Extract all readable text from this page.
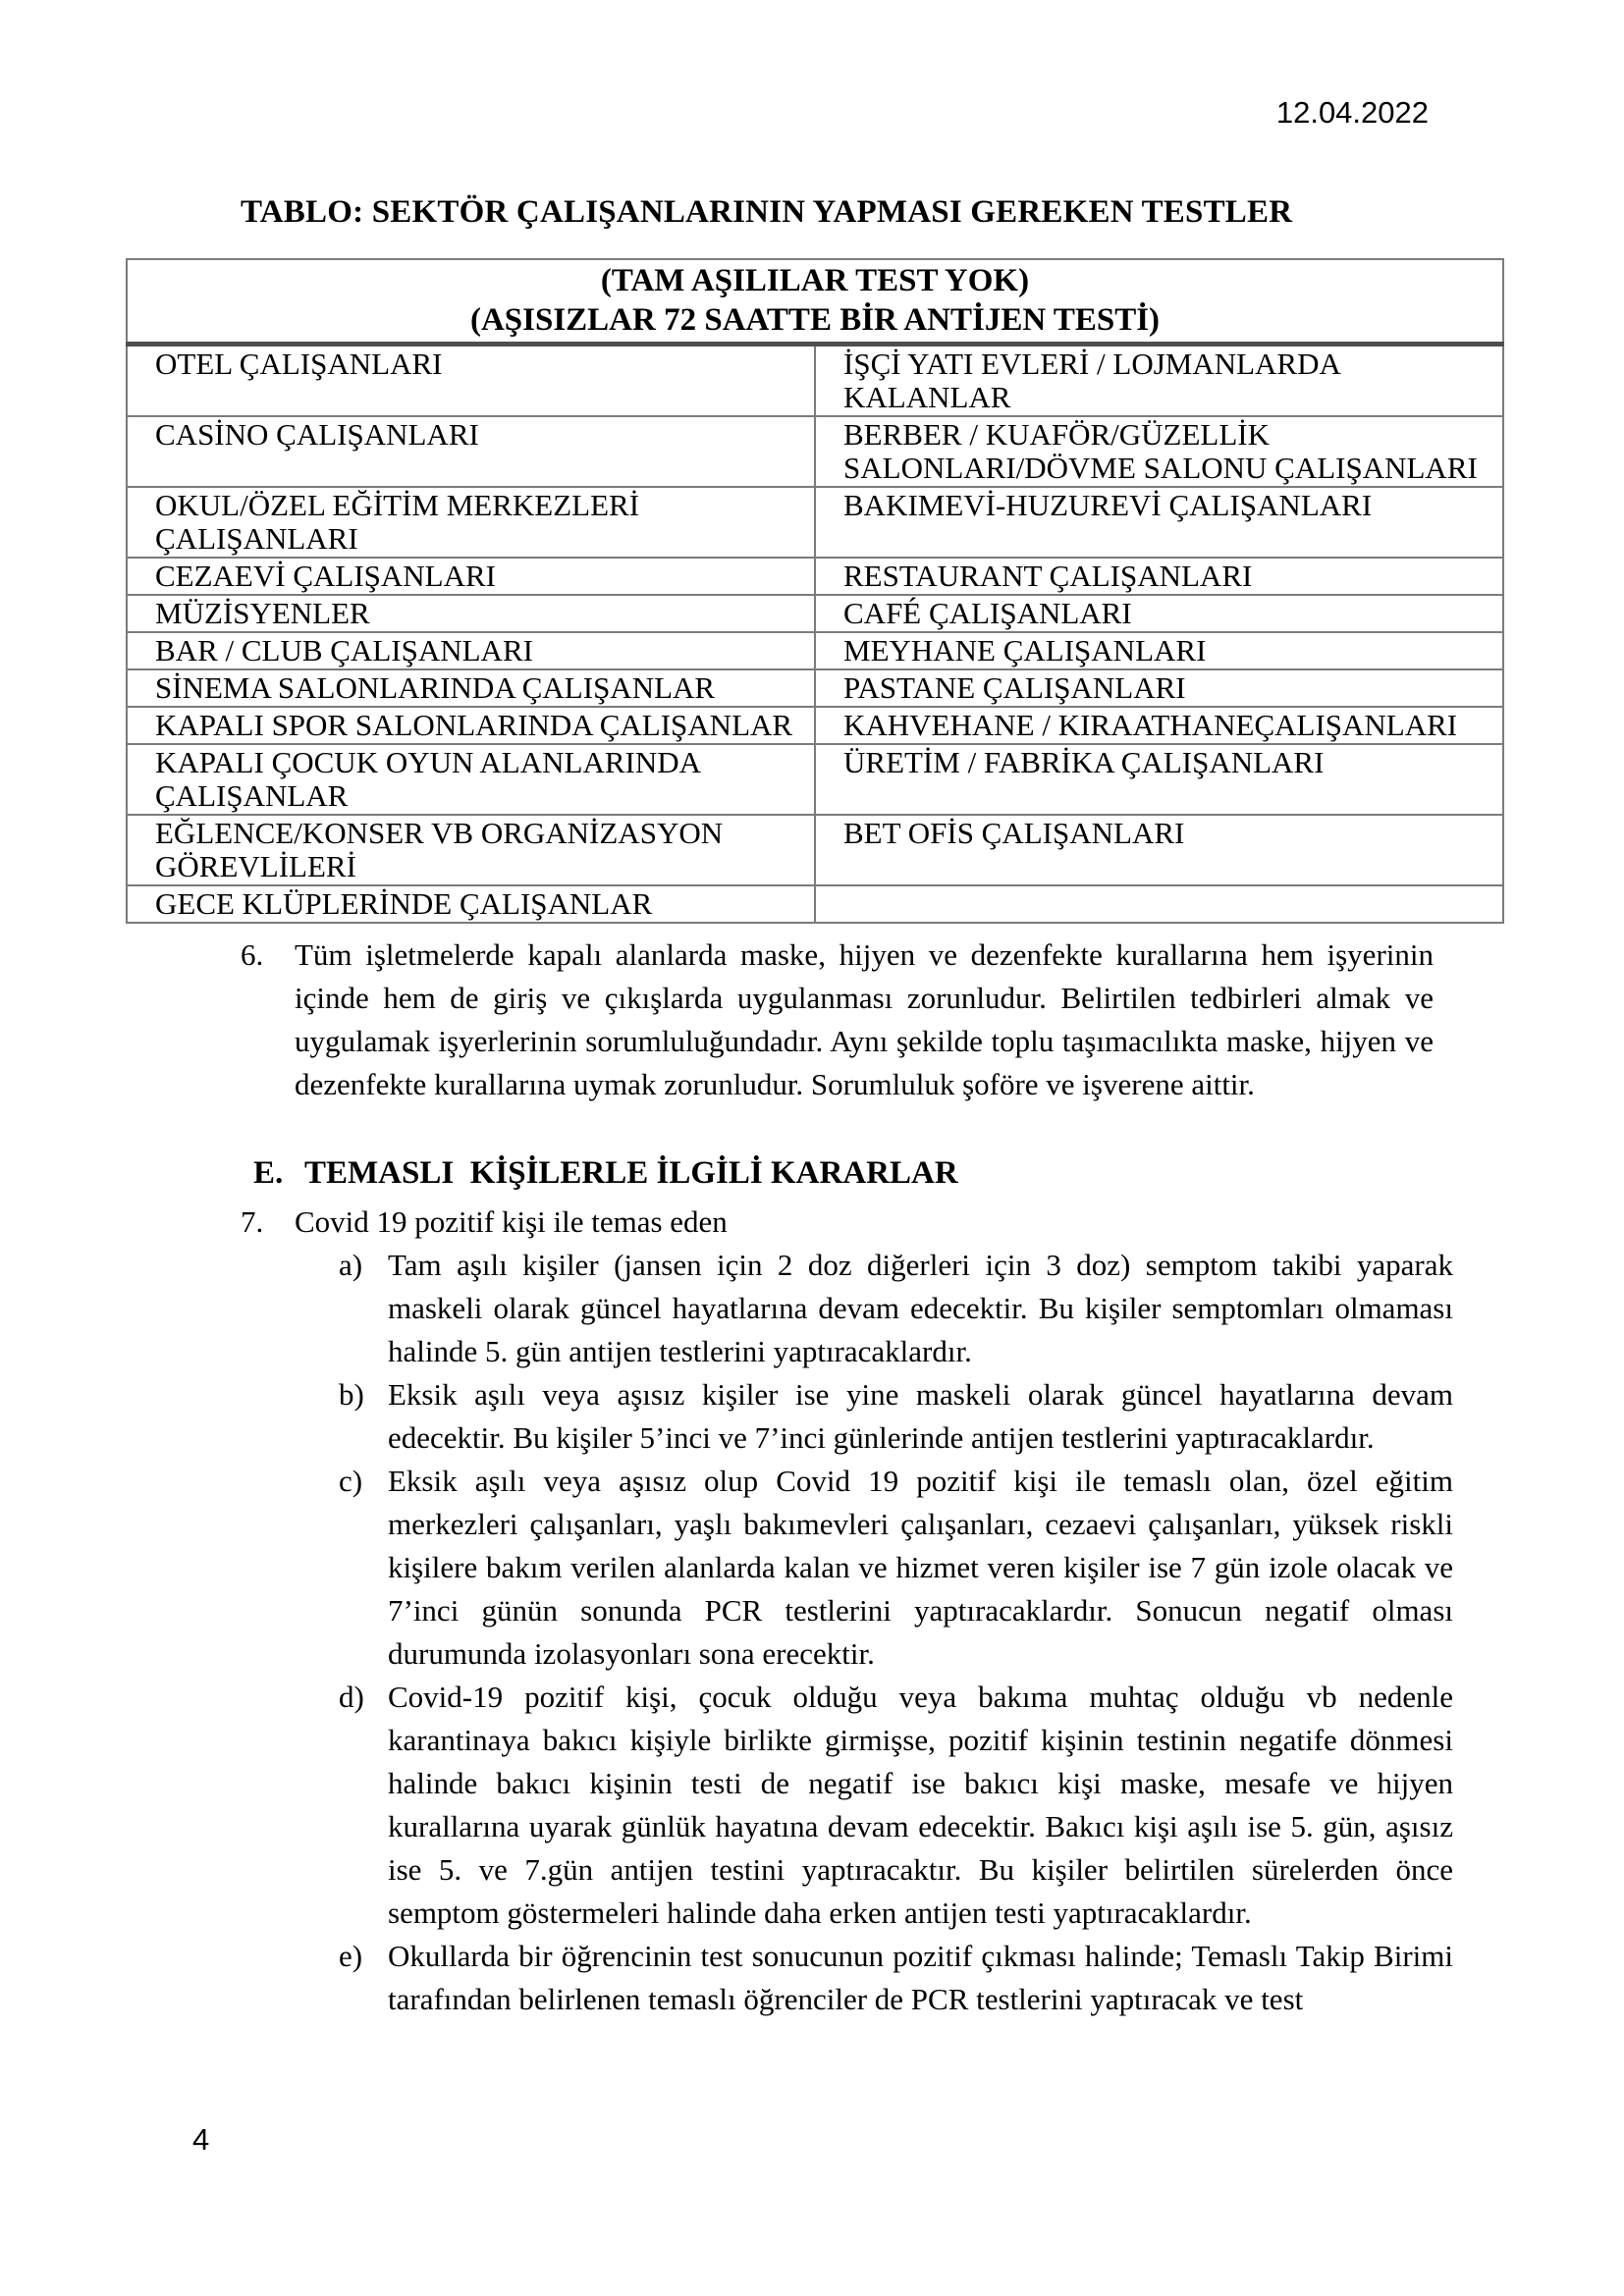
12.04.2022
TABLO: SEKTÖR ÇALIŞANLARININ YAPMASI GEREKEN TESTLER
(TAM AŞILILAR TEST YOK)
(AŞISIZLAR 72 SAATTE BİR ANTİJEN TESTİ)	

OTEL ÇALIŞANLARI	İŞÇİ YATI EVLERİ / LOJMANLARDA KALANLAR
CASİNO ÇALIŞANLARI	BERBER / KUAFÖR/GÜZELLİK SALONLARI/DÖVME SALONU ÇALIŞANLARI
OKUL/ÖZEL EĞİTİM MERKEZLERİ ÇALIŞANLARI	BAKIMEVİ-HUZUREVİ ÇALIŞANLARI
CEZAEVİ ÇALIŞANLARI	RESTAURANT ÇALIŞANLARI
MÜZİSYENLER	CAFÉ ÇALIŞANLARI
BAR / CLUB ÇALIŞANLARI	MEYHANE ÇALIŞANLARI
SİNEMA SALONLARINDA ÇALIŞANLAR	PASTANE ÇALIŞANLARI
KAPALI SPOR SALONLARINDA ÇALIŞANLAR	KAHVEHANE / KIRAATHANEÇALIŞANLARI
KAPALI ÇOCUK OYUN ALANLARINDA ÇALIŞANLAR	ÜRETİM / FABRİKA ÇALIŞANLARI
EĞLENCE/KONSER VB ORGANİZASYON GÖREVLİLERİ	BET OFİS ÇALIŞANLARI
GECE KLÜPLERİNDE ÇALIŞANLAR	
6. Tüm işletmelerde kapalı alanlarda maske, hijyen ve dezenfekte kurallarına hem işyerinin içinde hem de giriş ve çıkışlarda uygulanması zorunludur. Belirtilen tedbirleri almak ve uygulamak işyerlerinin sorumluluğundadır. Aynı şekilde toplu taşımacılıkta maske, hijyen ve dezenfekte kurallarına uymak zorunludur. Sorumluluk şoföre ve işverene aittir.
E. TEMASLI  KİŞİLERLE İLGİLİ KARARLAR
7. Covid 19 pozitif kişi ile temas eden
a) Tam aşılı kişiler (jansen için 2 doz diğerleri için 3 doz) semptom takibi yaparak maskeli olarak güncel hayatlarına devam edecektir. Bu kişiler semptomları olmaması halinde 5. gün antijen testlerini yaptıracaklardır.
b) Eksik aşılı veya aşısız kişiler ise yine maskeli olarak güncel hayatlarına devam edecektir. Bu kişiler 5’inci ve 7’inci günlerinde antijen testlerini yaptıracaklardır.
c) Eksik aşılı veya aşısız olup Covid 19 pozitif kişi ile temaslı olan, özel eğitim merkezleri çalışanları, yaşlı bakımevleri çalışanları, cezaevi çalışanları, yüksek riskli kişilere bakım verilen alanlarda kalan ve hizmet veren kişiler ise 7 gün izole olacak ve 7’inci günün sonunda PCR testlerini yaptıracaklardır. Sonucun negatif olması durumunda izolasyonları sona erecektir.
d) Covid-19 pozitif kişi, çocuk olduğu veya bakıma muhtaç olduğu vb nedenle karantinaya bakıcı kişiyle birlikte girmişse, pozitif kişinin testinin negatife dönmesi halinde bakıcı kişinin testi de negatif ise bakıcı kişi maske, mesafe ve hijyen kurallarına uyarak günlük hayatına devam edecektir. Bakıcı kişi aşılı ise 5. gün, aşısız ise 5. ve 7.gün antijen testini yaptıracaktır. Bu kişiler belirtilen sürelerden önce semptom göstermeleri halinde daha erken antijen testi yaptıracaklardır.
e) Okullarda bir öğrencinin test sonucunun pozitif çıkması halinde; Temaslı Takip Birimi tarafından belirlenen temaslı öğrenciler de PCR testlerini yaptıracak ve test
4
